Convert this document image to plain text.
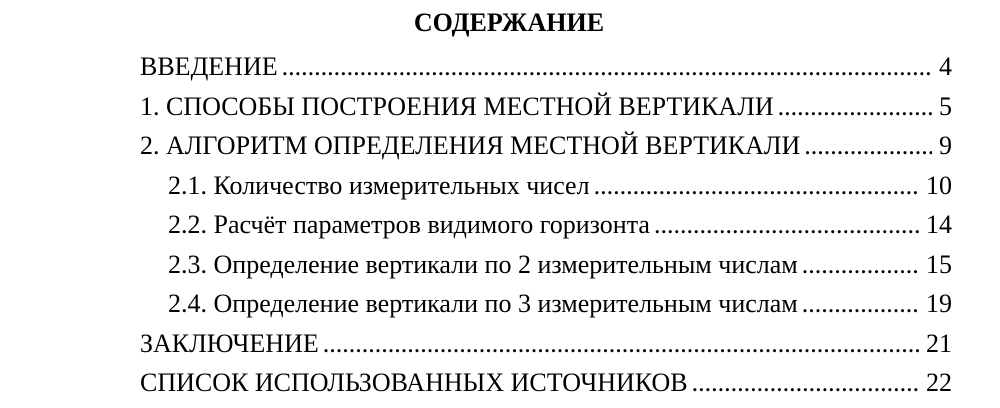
СОДЕРЖАНИЕ
ВВЕДЕНИЕ .....	4
1. СПОСОБЫ ПОСТРОЕНИЯ МЕСТНОЙ ВЕРТИКАЛИ .....	5
2. АЛГОРИТМ ОПРЕДЕЛЕНИЯ МЕСТНОЙ ВЕРТИКАЛИ .....	9
2.1. Количество измерительных чисел .....	10
2.2. Расчёт параметров видимого горизонта .....	14
2.3. Определение вертикали по 2 измерительным числам .....	15
2.4. Определение вертикали по 3 измерительным числам .....	19
ЗАКЛЮЧЕНИЕ .....	21
СПИСОК ИСПОЛЬЗОВАННЫХ ИСТОЧНИКОВ .....	22
